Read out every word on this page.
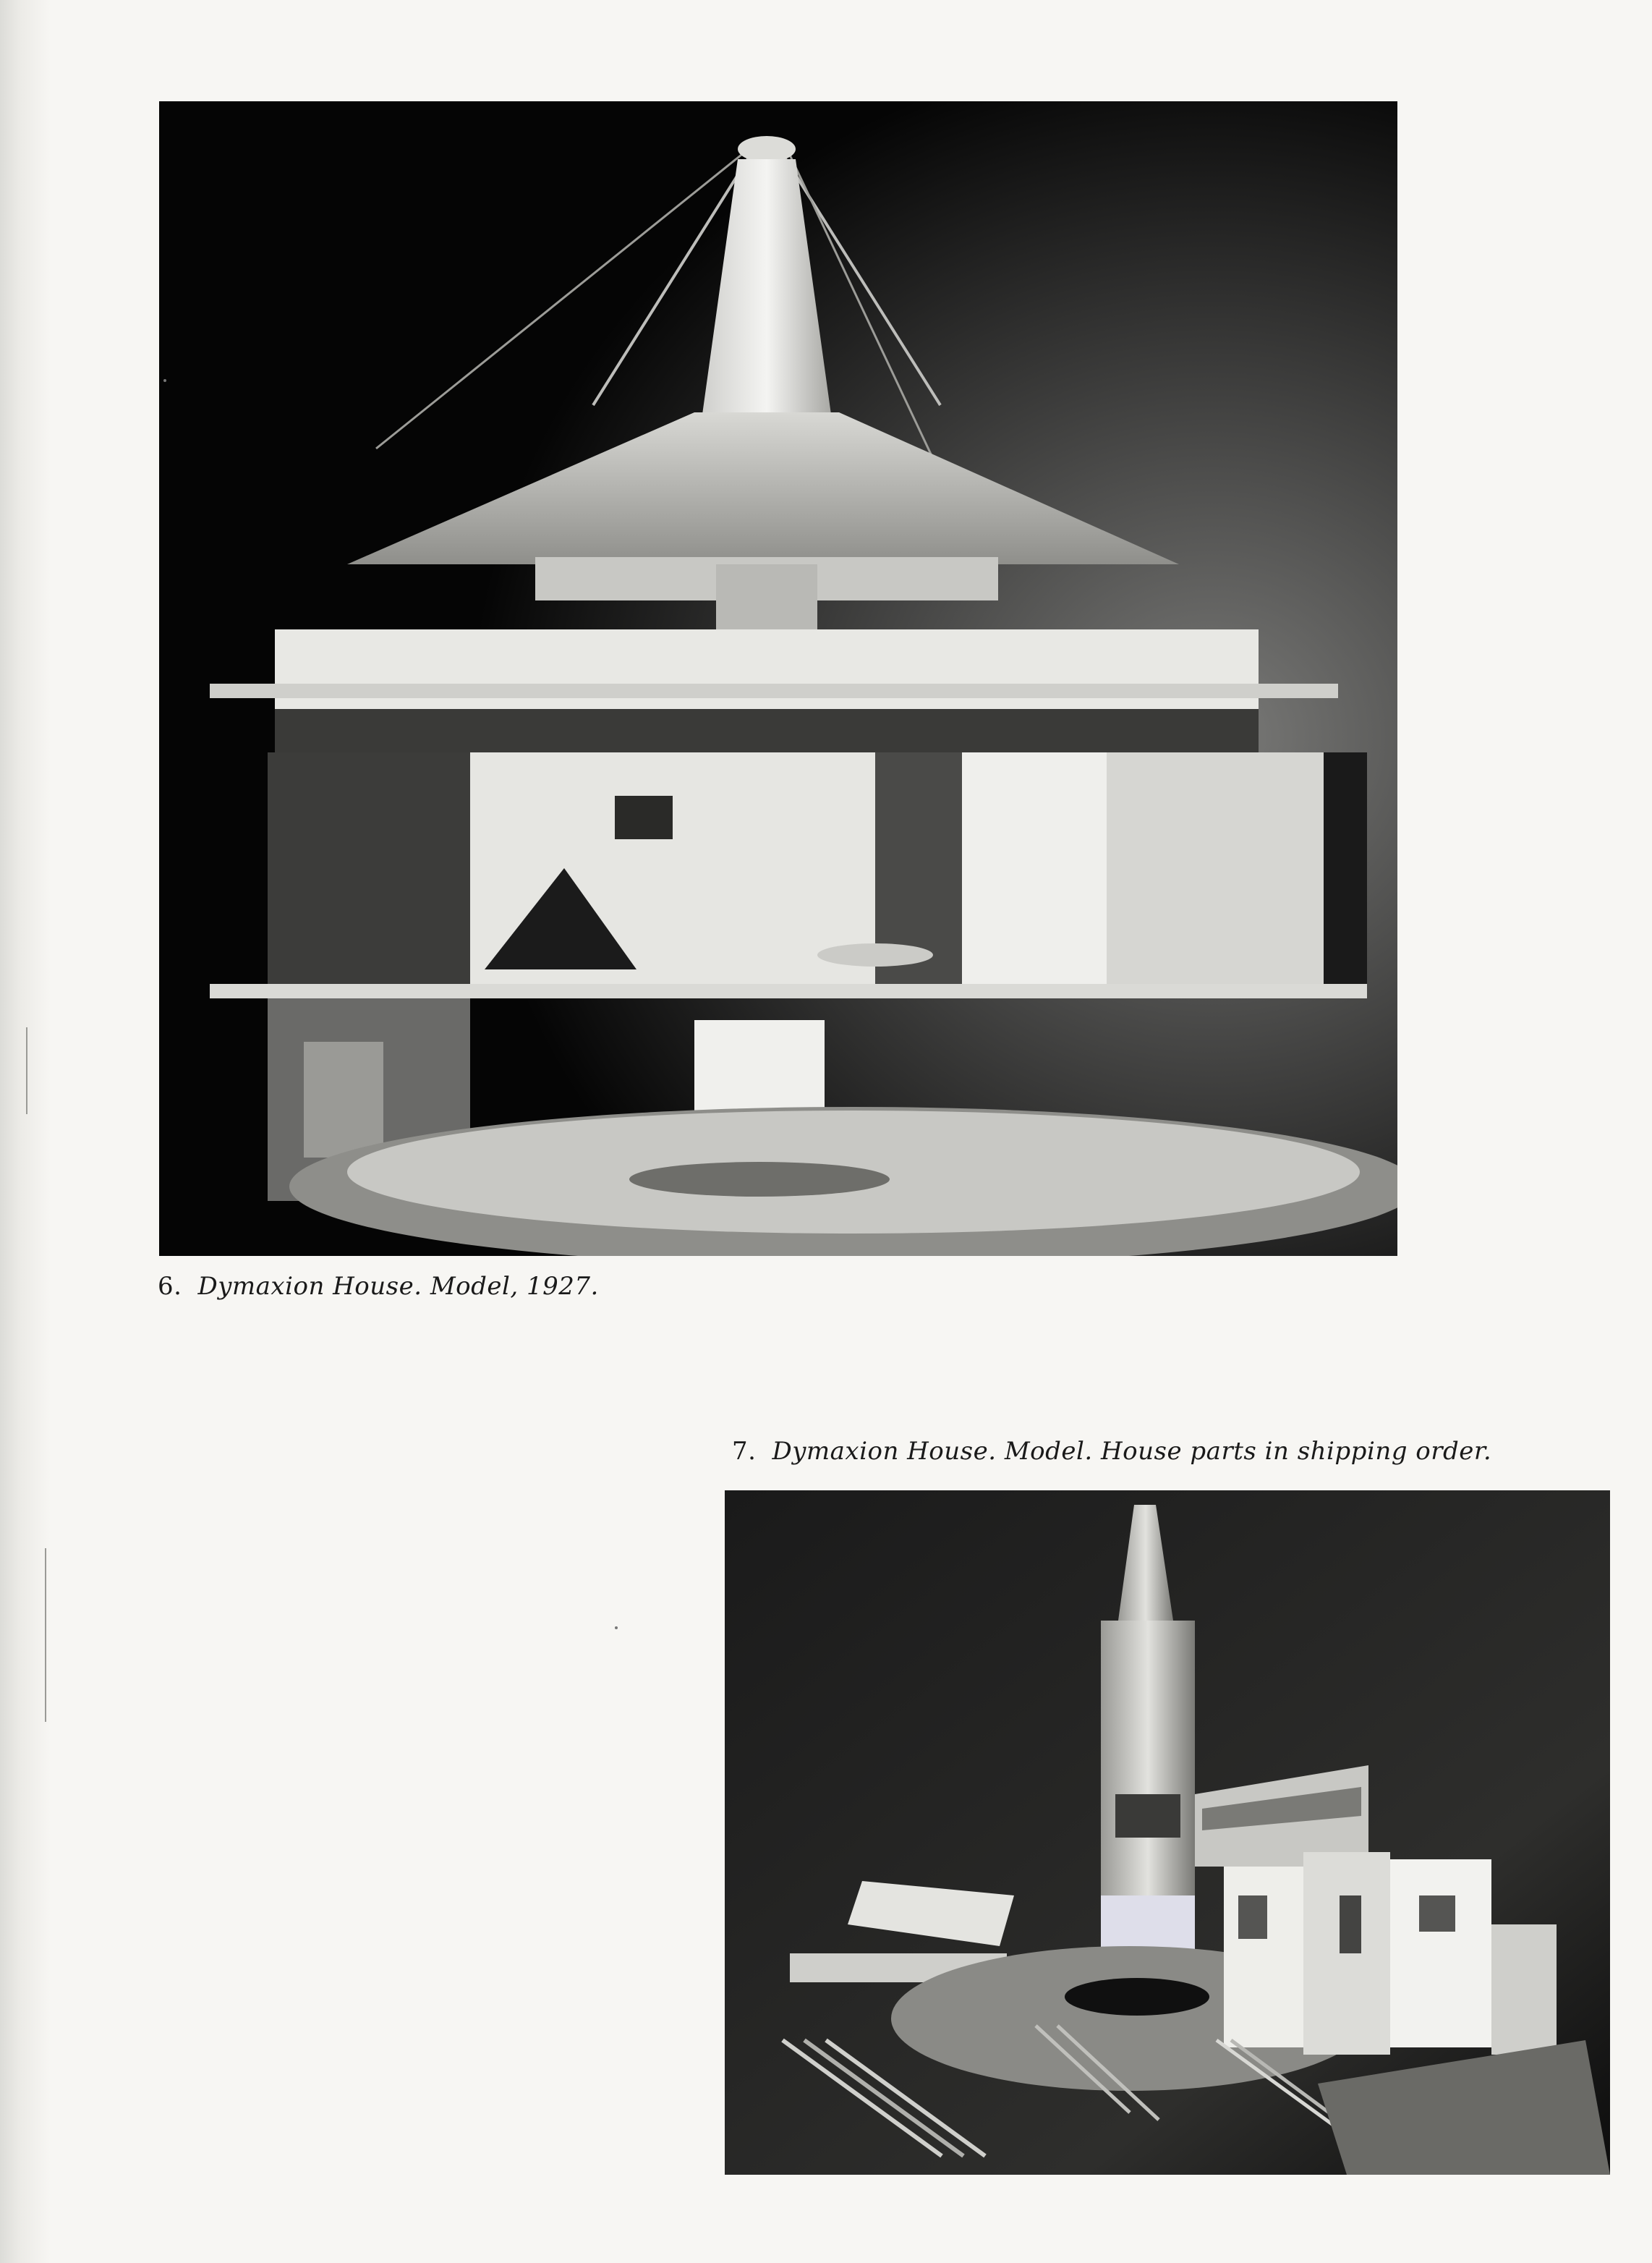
6. Dymaxion House. Model, 1927.
7. Dymaxion House. Model. House parts in shipping order.
